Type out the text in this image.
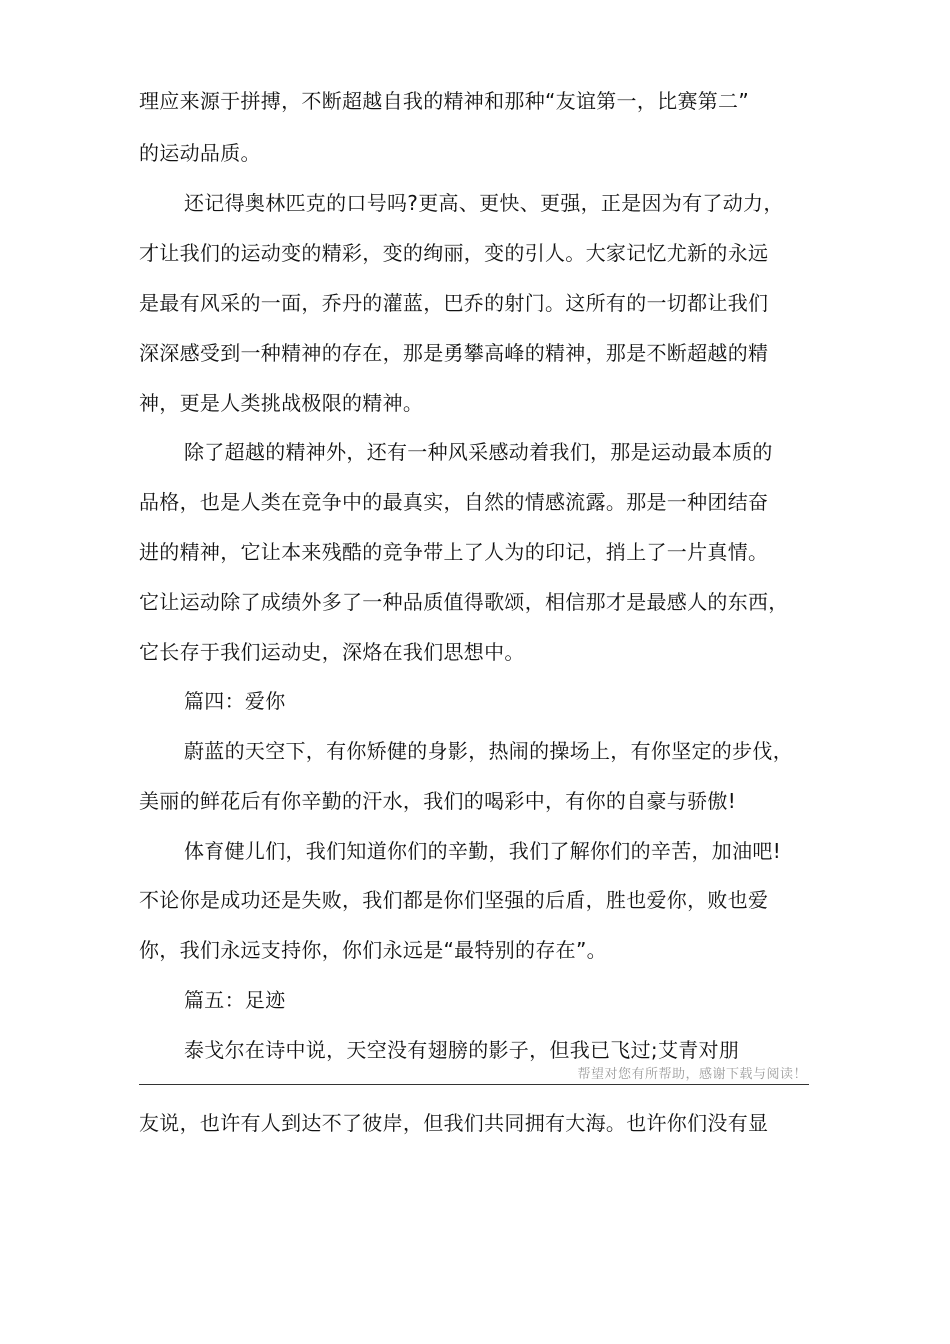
理应来源于拼搏，不断超越自我的精神和那种“友谊第一，比赛第二”
的运动品质。
还记得奥林匹克的口号吗?更高、更快、更强，正是因为有了动力，
才让我们的运动变的精彩，变的绚丽，变的引人。大家记忆尤新的永远
是最有风采的一面，乔丹的灌蓝，巴乔的射门。这所有的一切都让我们
深深感受到一种精神的存在，那是勇攀高峰的精神，那是不断超越的精
神，更是人类挑战极限的精神。
除了超越的精神外，还有一种风采感动着我们，那是运动最本质的
品格，也是人类在竞争中的最真实，自然的情感流露。那是一种团结奋
进的精神，它让本来残酷的竞争带上了人为的印记，捎上了一片真情。
它让运动除了成绩外多了一种品质值得歌颂，相信那才是最感人的东西，
它长存于我们运动史，深烙在我们思想中。
篇四：爱你
蔚蓝的天空下，有你矫健的身影，热闹的操场上，有你坚定的步伐，
美丽的鲜花后有你辛勤的汗水，我们的喝彩中，有你的自豪与骄傲!
体育健儿们，我们知道你们的辛勤，我们了解你们的辛苦，加油吧!
不论你是成功还是失败，我们都是你们坚强的后盾，胜也爱你，败也爱
你，我们永远支持你，你们永远是“最特别的存在”。
篇五：足迹
泰戈尔在诗中说，天空没有翅膀的影子，但我已飞过;艾青对朋
帮望对您有所帮助，感谢下载与阅读！
友说，也许有人到达不了彼岸，但我们共同拥有大海。也许你们没有显
